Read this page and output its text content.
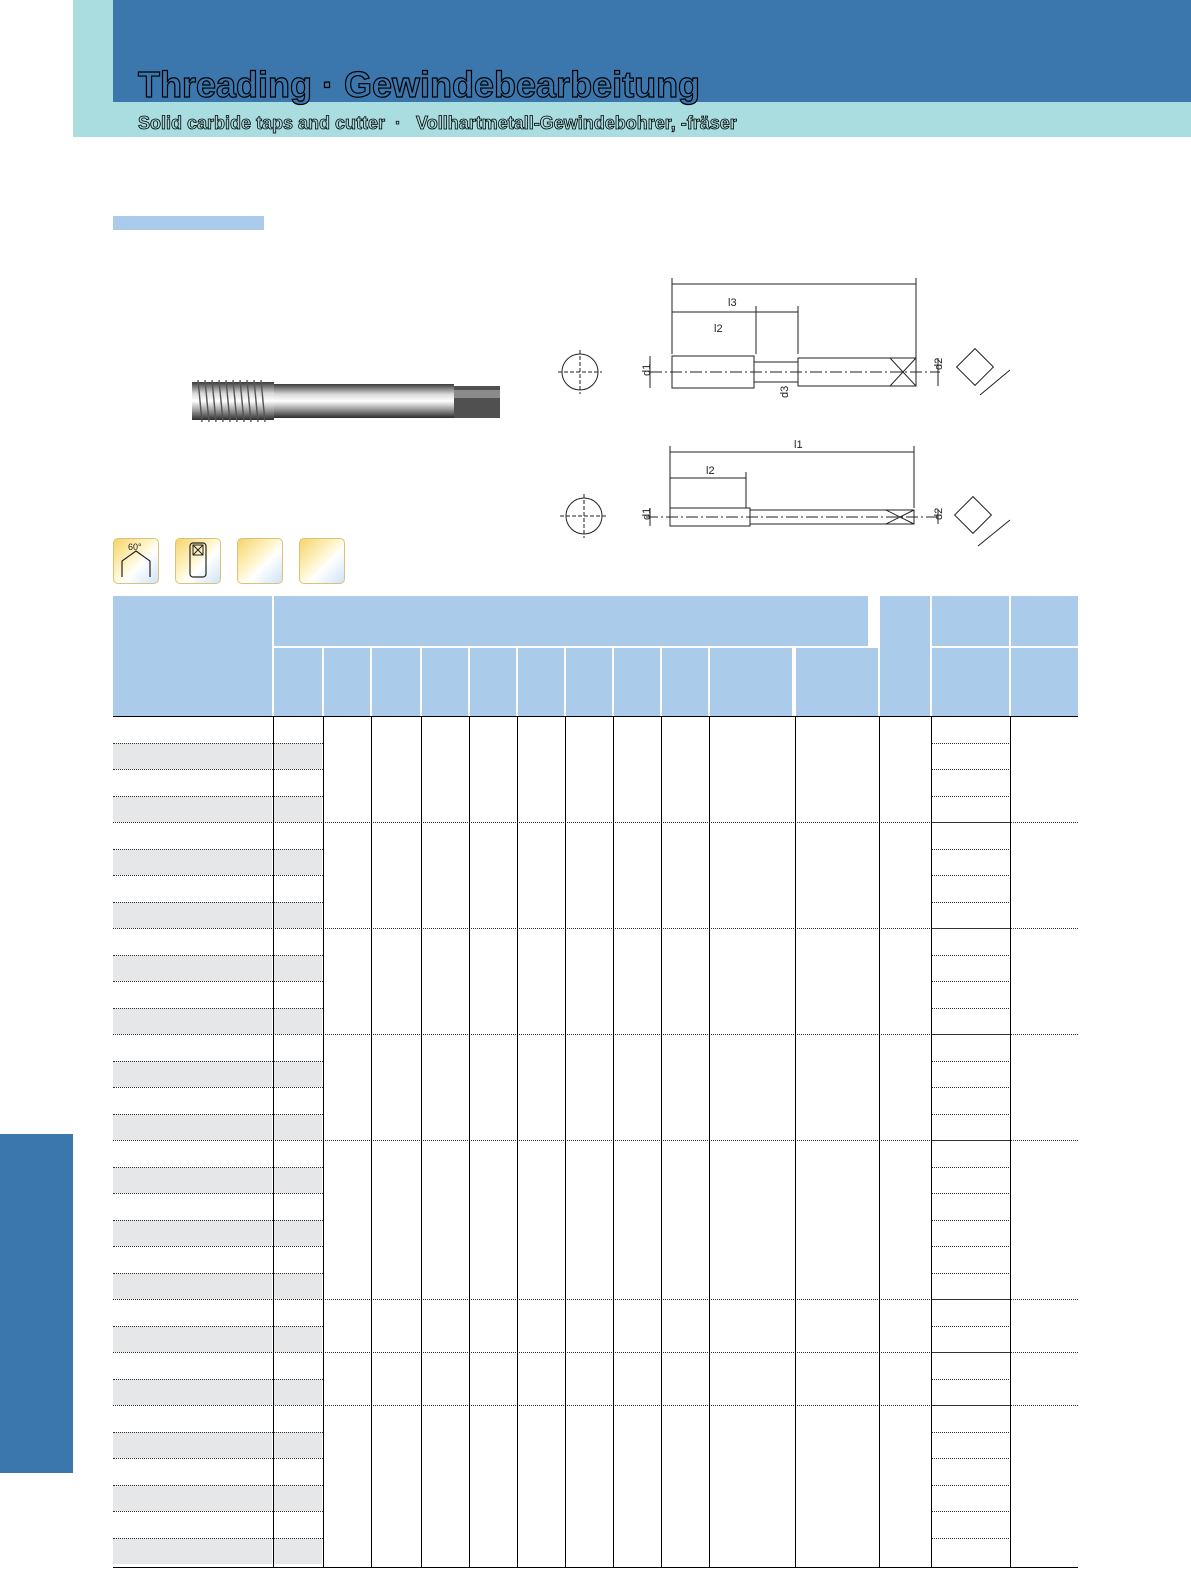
Threading · Gewindebearbeitung
Solid carbide taps and cutter  ·   Vollhartmetall-Gewindebohrer, -fräser
l3
l2
d1	d2
d3
l1
l2
d1	d2
60°
